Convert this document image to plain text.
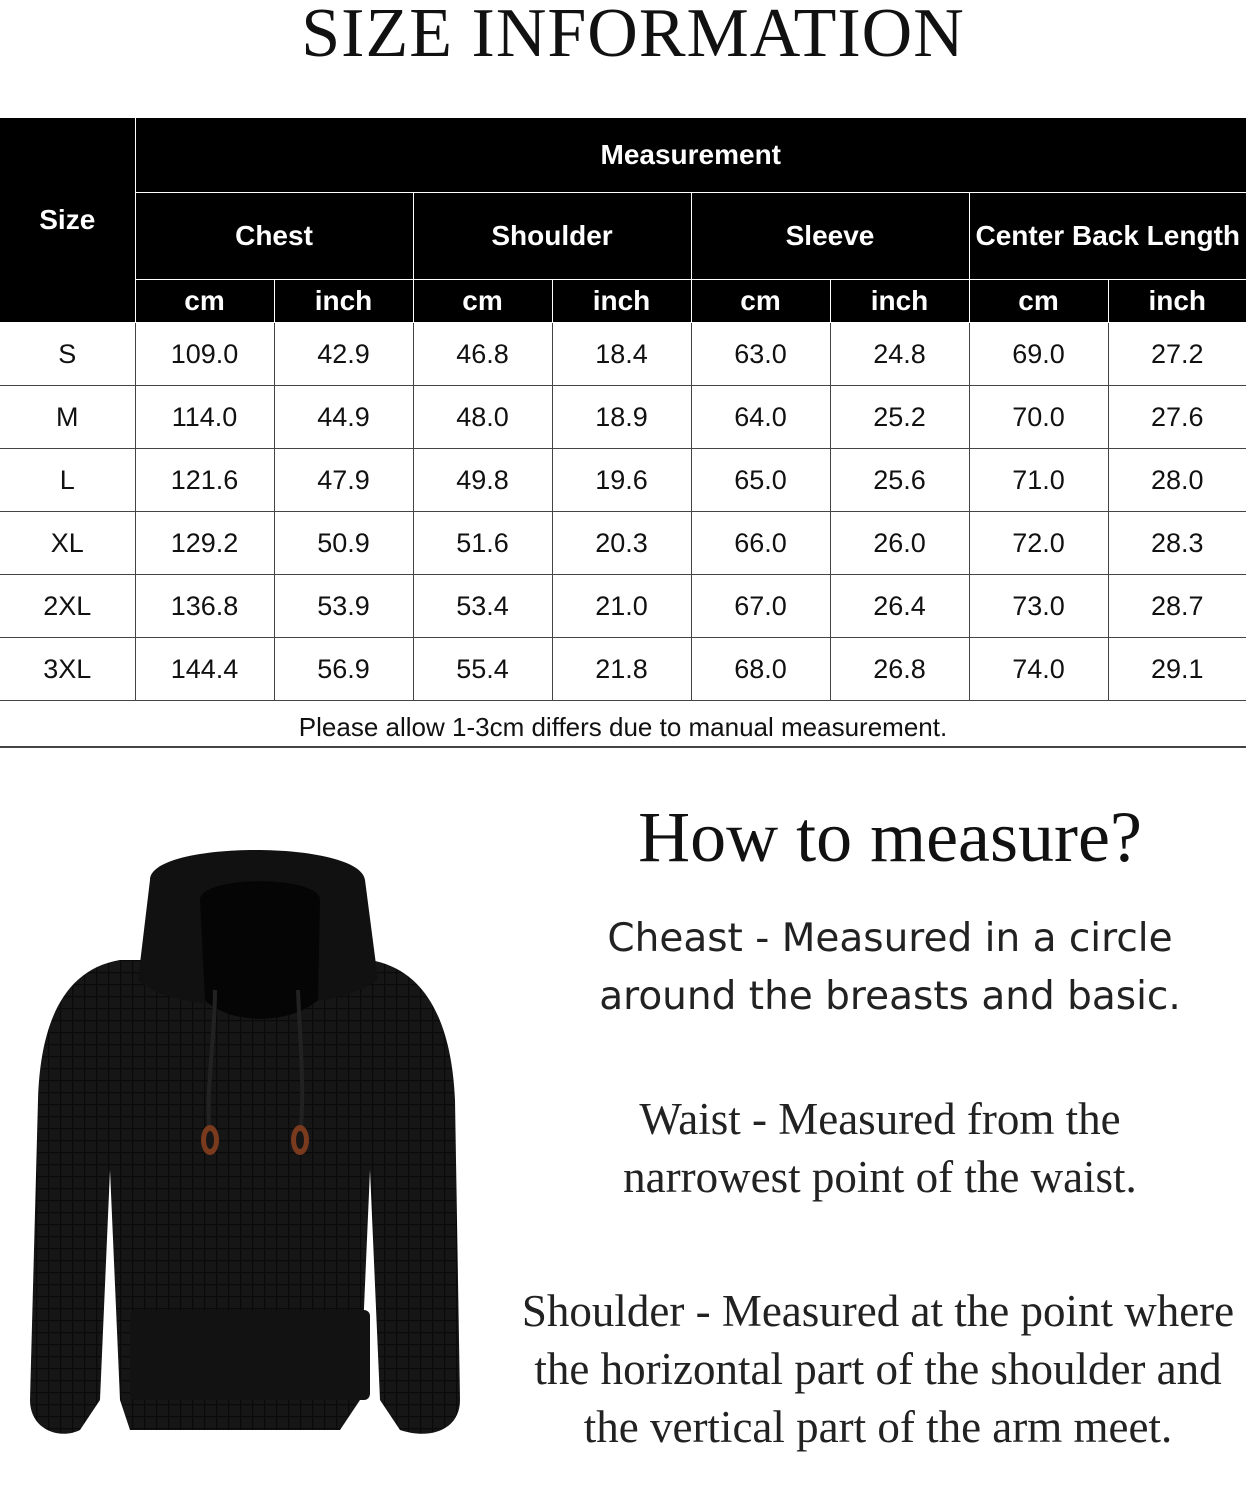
SIZE INFORMATION
Size	Measurement							
	Chest		Shoulder		Sleeve		Center Back Length	
	cm	inch	cm	inch	cm	inch	cm	inch
S	109.0	42.9	46.8	18.4	63.0	24.8	69.0	27.2
M	114.0	44.9	48.0	18.9	64.0	25.2	70.0	27.6
L	121.6	47.9	49.8	19.6	65.0	25.6	71.0	28.0
XL	129.2	50.9	51.6	20.3	66.0	26.0	72.0	28.3
2XL	136.8	53.9	53.4	21.0	67.0	26.4	73.0	28.7
3XL	144.4	56.9	55.4	21.8	68.0	26.8	74.0	29.1
Please allow 1-3cm differs due to manual measurement.
How to measure?
Cheast - Measured in a circle around the breasts and basic.
Waist - Measured from the narrowest point of the waist.
Shoulder - Measured at the point where the horizontal part of the shoulder and the vertical part of the arm meet.
